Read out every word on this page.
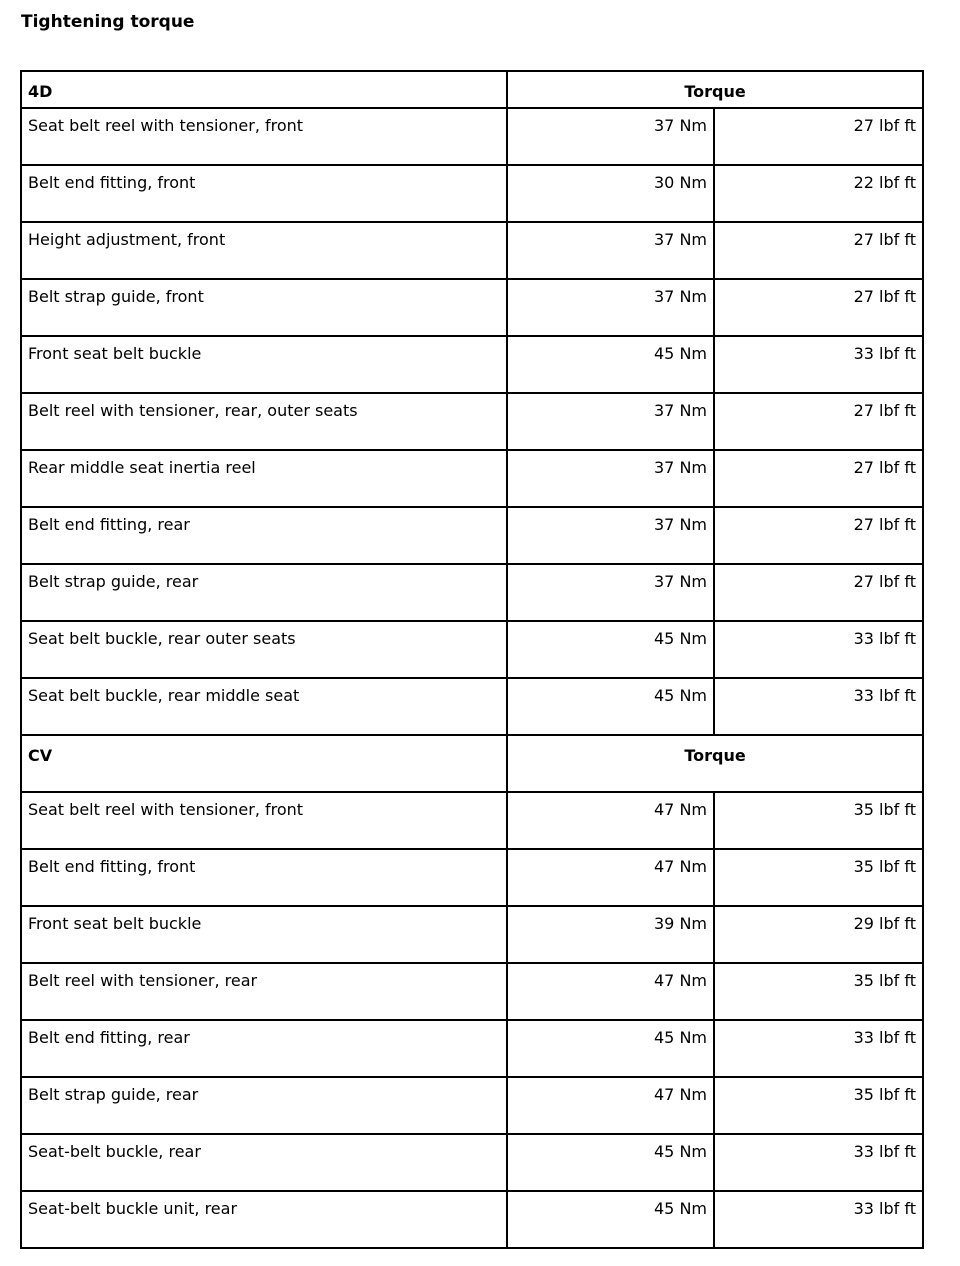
Tightening torque
4D	Torque	
Seat belt reel with tensioner, front	37 Nm	27 lbf ft
Belt end fitting, front	30 Nm	22 lbf ft
Height adjustment, front	37 Nm	27 lbf ft
Belt strap guide, front	37 Nm	27 lbf ft
Front seat belt buckle	45 Nm	33 lbf ft
Belt reel with tensioner, rear, outer seats	37 Nm	27 lbf ft
Rear middle seat inertia reel	37 Nm	27 lbf ft
Belt end fitting, rear	37 Nm	27 lbf ft
Belt strap guide, rear	37 Nm	27 lbf ft
Seat belt buckle, rear outer seats	45 Nm	33 lbf ft
Seat belt buckle, rear middle seat	45 Nm	33 lbf ft
CV	Torque	
Seat belt reel with tensioner, front	47 Nm	35 lbf ft
Belt end fitting, front	47 Nm	35 lbf ft
Front seat belt buckle	39 Nm	29 lbf ft
Belt reel with tensioner, rear	47 Nm	35 lbf ft
Belt end fitting, rear	45 Nm	33 lbf ft
Belt strap guide, rear	47 Nm	35 lbf ft
Seat-belt buckle, rear	45 Nm	33 lbf ft
Seat-belt buckle unit, rear	45 Nm	33 lbf ft
